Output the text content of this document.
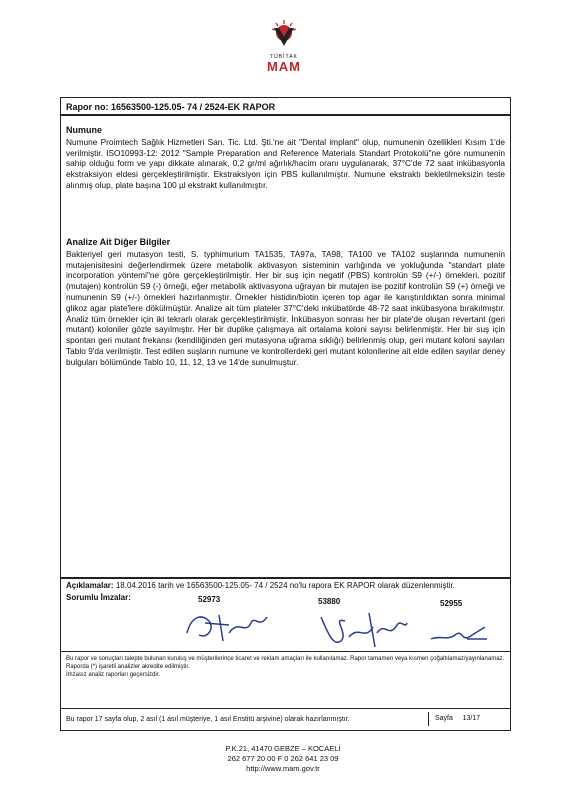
TÜBİTAK
MAM
Rapor no: 16563500-125.05- 74 / 2524-EK RAPOR
Numune

Numune Proimtech Sağlık Hizmetleri San. Tic. Ltd. Şti.'ne ait "Dental implant" olup, numunenin özellikleri Kısım 1'de verilmiştir. ISO10993-12: 2012 "Sample Preparation and Reference Materials Standart Protokolü"ne göre numunenin sahip olduğu form ve yapı dikkate alınarak, 0,2 gr/ml ağırlık/hacim oranı uygulanarak, 37°C'de 72 saat inkübasyonla ekstraksiyon eldesi gerçekleştirilmiştir. Ekstraksiyon için PBS kullanılmıştır. Numune ekstraktı bekletilmeksizin teste alınmış olup, plate başına 100 µl ekstrakt kullanılmıştır.

Analize Ait Diğer Bilgiler

Bakteriyel geri mutasyon testi, S. typhimurium TA1535, TA97a, TA98, TA100 ve TA102 suşlarında numunenin mutajenisitesini değerlendirmek üzere metabolik aktivasyon sisteminin varlığında ve yokluğunda "standart plate incorporation yöntemi"ne göre gerçekleştirilmiştir. Her bir suş için negatif (PBS) kontrolün S9 (+/-) örnekleri, pozitif (mutajen) kontrolün S9 (-) örneği, eğer metabolik aktivasyona uğrayan bir mutajen ise pozitif kontrolün S9 (+) örneği ve numunenin S9 (+/-) örnekleri hazırlanmıştır. Örnekler histidin/biotin içeren top agar ile karıştırıldıktan sonra minimal glikoz agar plate'lere dökülmüştür. Analize ait tüm plateler 37°C'deki inkübatörde 48-72 saat inkübasyona bırakılmıştır. Analiz tüm örnekler için iki tekrarlı olarak gerçekleştirilmiştir. İnkübasyon sonrası her bir plate'de oluşan revertant (geri mutant) koloniler gözle sayılmıştır. Her bir duplike çalışmaya ait ortalama koloni sayısı belirlenmiştir. Her bir suş için spontan geri mutant frekansı (kendiliğinden geri mutasyona uğrama sıklığı) belirlenmiş olup, geri mutant koloni sayıları Tablo 9'da verilmiştir. Test edilen suşların numune ve kontrollerdeki geri mutant kolonilerine ait elde edilen sayılar deney bulguları bölümünde Tablo 10, 11, 12, 13 ve 14'de sunulmuştur.

Açıklamalar: 18.04.2016 tarih ve 16563500-125.05- 74 / 2524 no'lu rapora EK RAPOR olarak düzenlenmiştir.
Sorumlu İmzalar:	52973	53880	52955

Bu rapor ve sonuçları talepte bulunan kuruluş ve müşterilerince ticaret ve reklam amaçları ile kullanılamaz. Rapor tamamen veya kısmen çoğaltılamaz/yayınlanamaz.

Raporda (*) işaretli analizler akredite edilmiştir.

İmzasız analiz raporları geçersizdir.

Bu rapor 17 sayfa olup, 2 asıl (1 asıl müşteriye, 1 asıl Enstitü arşivine) olarak hazırlanmıştır.	Sayfa 13/17
P.K.21, 41470 GEBZE – KOCAELİ
262 677 20 00 F 0 262 641 23 09
http://www.mam.gov.tr
